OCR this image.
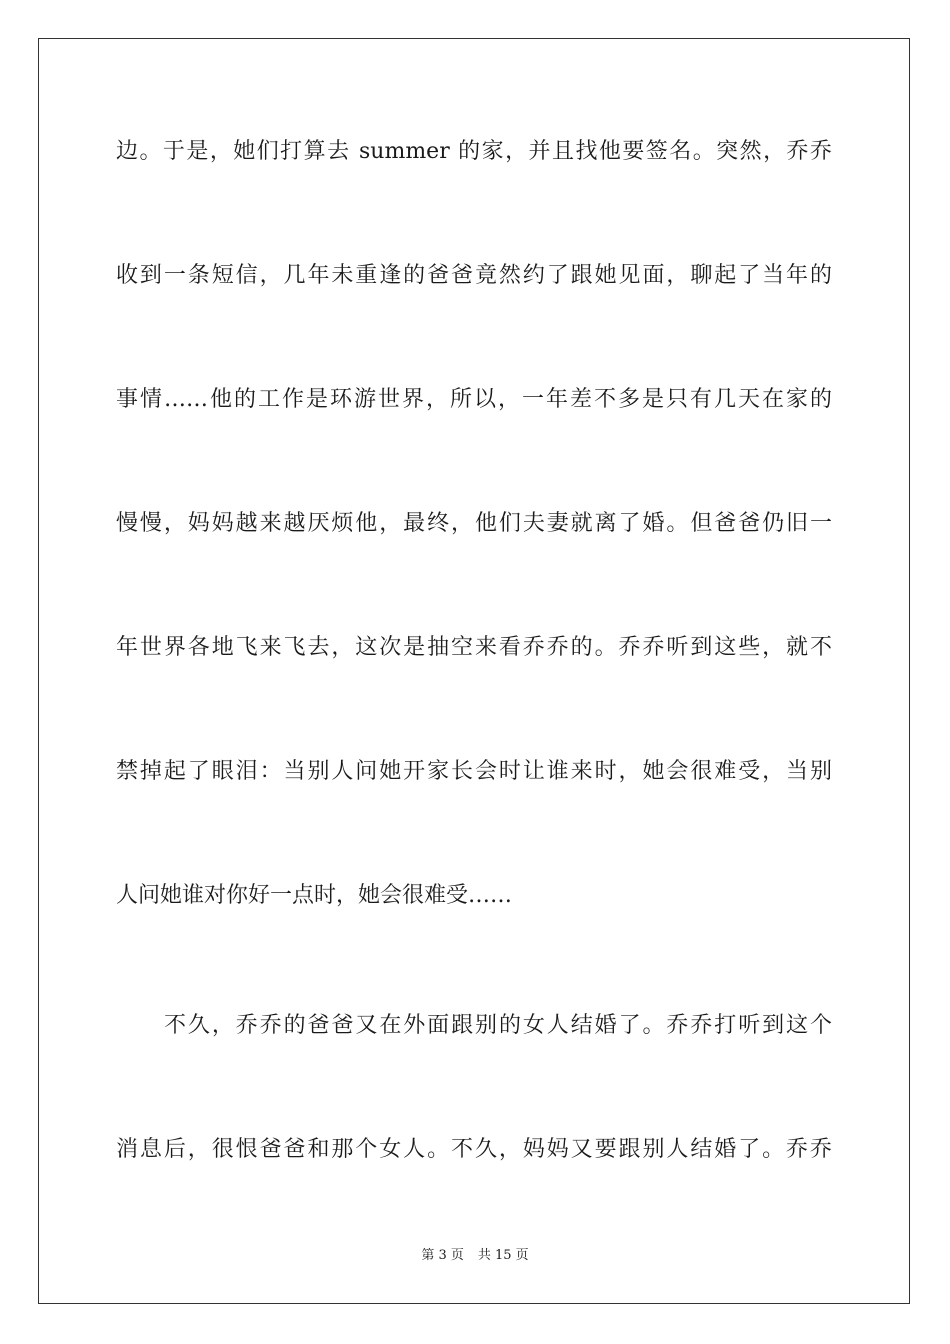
边。于是，她们打算去 summer 的家，并且找他要签名。突然，乔乔
收到一条短信，几年未重逢的爸爸竟然约了跟她见面，聊起了当年的
事情……他的工作是环游世界，所以，一年差不多是只有几天在家的
慢慢，妈妈越来越厌烦他，最终，他们夫妻就离了婚。但爸爸仍旧一
年世界各地飞来飞去，这次是抽空来看乔乔的。乔乔听到这些，就不
禁掉起了眼泪：当别人问她开家长会时让谁来时，她会很难受，当别
人问她谁对你好一点时，她会很难受……
不久，乔乔的爸爸又在外面跟别的女人结婚了。乔乔打听到这个
消息后，很恨爸爸和那个女人。不久，妈妈又要跟别人结婚了。乔乔
第 3 页 共 15 页
